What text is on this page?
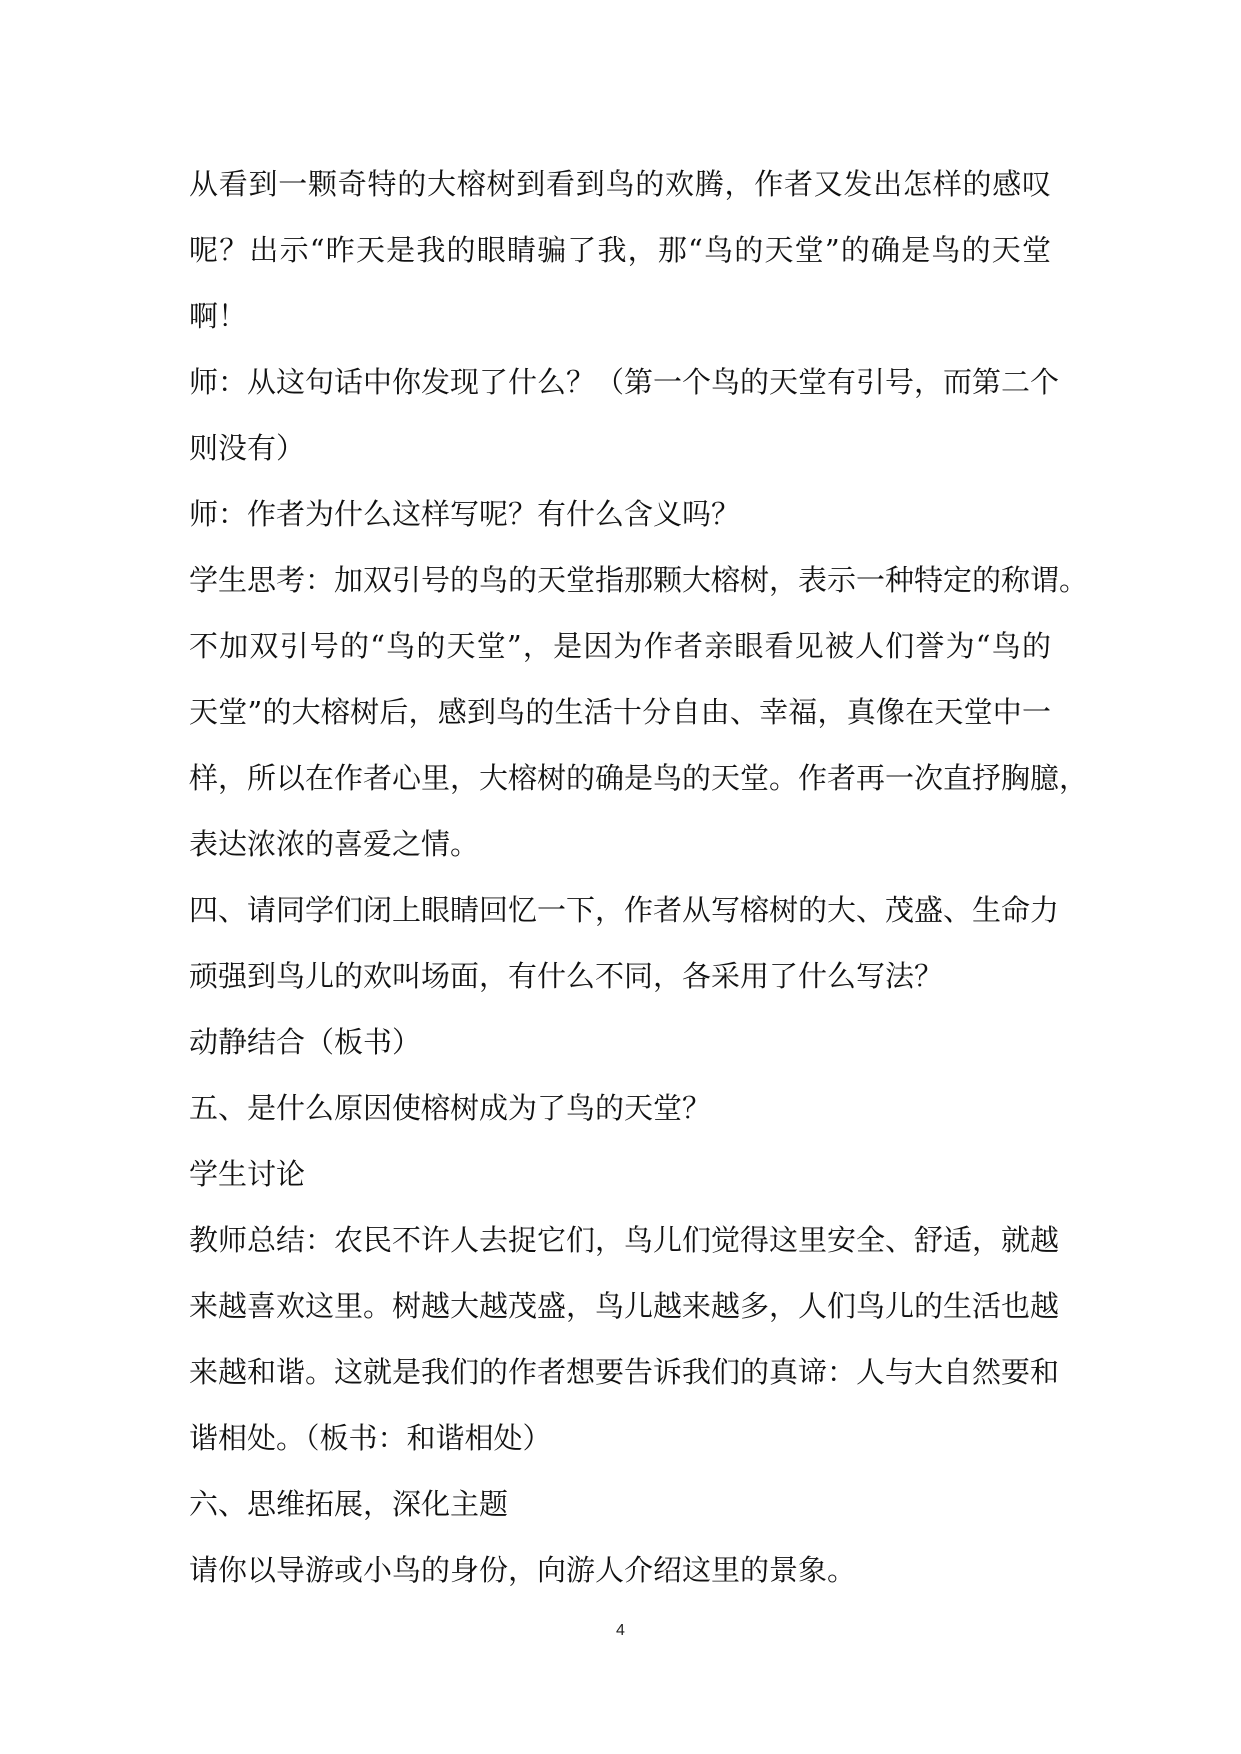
从看到一颗奇特的大榕树到看到鸟的欢腾，作者又发出怎样的感叹
呢？出示“昨天是我的眼睛骗了我，那“鸟的天堂”的确是鸟的天堂
啊！
师：从这句话中你发现了什么？（第一个鸟的天堂有引号，而第二个
则没有）
师：作者为什么这样写呢？有什么含义吗？
学生思考：加双引号的鸟的天堂指那颗大榕树，表示一种特定的称谓。
不加双引号的“鸟的天堂”，是因为作者亲眼看见被人们誉为“鸟的
天堂”的大榕树后，感到鸟的生活十分自由、幸福，真像在天堂中一
样，所以在作者心里，大榕树的确是鸟的天堂。作者再一次直抒胸臆，
表达浓浓的喜爱之情。
四、请同学们闭上眼睛回忆一下，作者从写榕树的大、茂盛、生命力
顽强到鸟儿的欢叫场面，有什么不同，各采用了什么写法？
动静结合（板书）
五、是什么原因使榕树成为了鸟的天堂？
学生讨论
教师总结：农民不许人去捉它们，鸟儿们觉得这里安全、舒适，就越
来越喜欢这里。树越大越茂盛，鸟儿越来越多，人们鸟儿的生活也越
来越和谐。这就是我们的作者想要告诉我们的真谛：人与大自然要和
谐相处。（板书：和谐相处）
六、思维拓展，深化主题
请你以导游或小鸟的身份，向游人介绍这里的景象。
4
